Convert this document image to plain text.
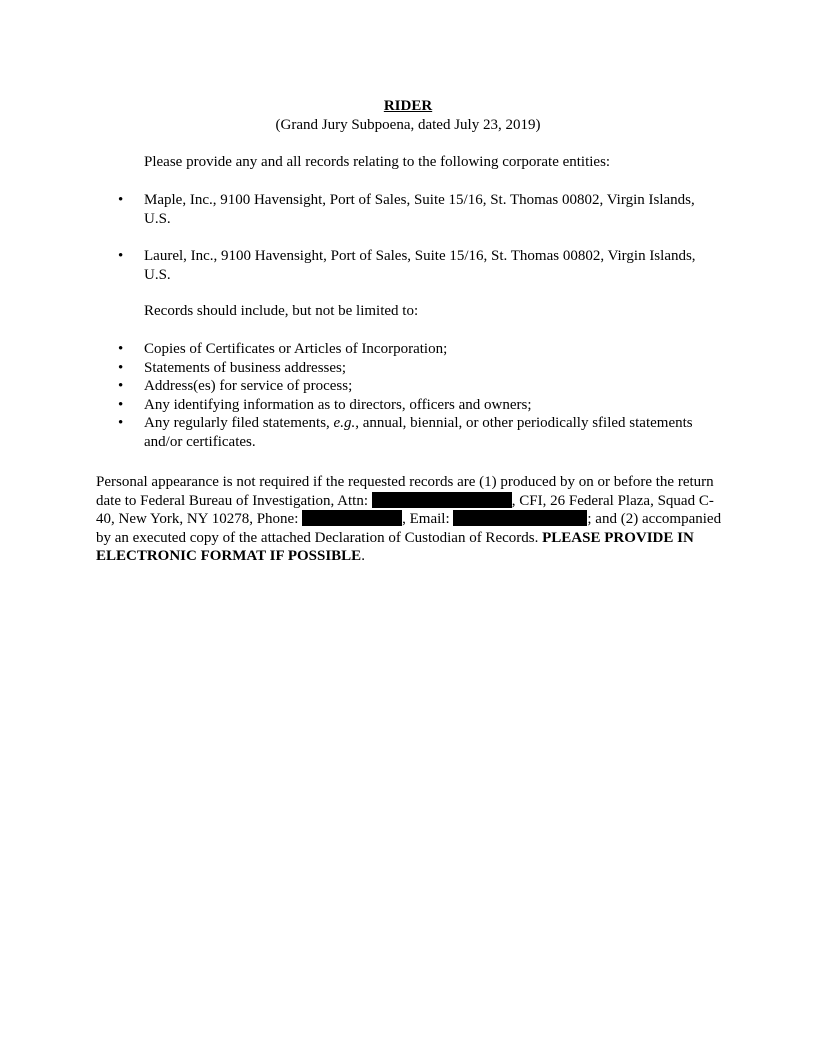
RIDER
(Grand Jury Subpoena, dated July 23, 2019)
Please provide any and all records relating to the following corporate entities:
•	Maple, Inc., 9100 Havensight, Port of Sales, Suite 15/16, St. Thomas 00802, Virgin Islands, U.S.
•	Laurel, Inc., 9100 Havensight, Port of Sales, Suite 15/16, St. Thomas 00802, Virgin Islands, U.S.
Records should include, but not be limited to:
• Copies of Certificates or Articles of Incorporation;
• Statements of business addresses;
• Address(es) for service of process;
• Any identifying information as to directors, officers and owners;
• Any regularly filed statements, e.g., annual, biennial, or other periodically sfiled statements and/or certificates.
Personal appearance is not required if the requested records are (1) produced by on or before the return date to Federal Bureau of Investigation, Attn:	, CFI, 26 Federal Plaza, Squad C-40, New York, NY 10278, Phone:	, Email:	; and (2) accompanied by an executed copy of the attached Declaration of Custodian of Records. PLEASE PROVIDE IN ELECTRONIC FORMAT IF POSSIBLE.
